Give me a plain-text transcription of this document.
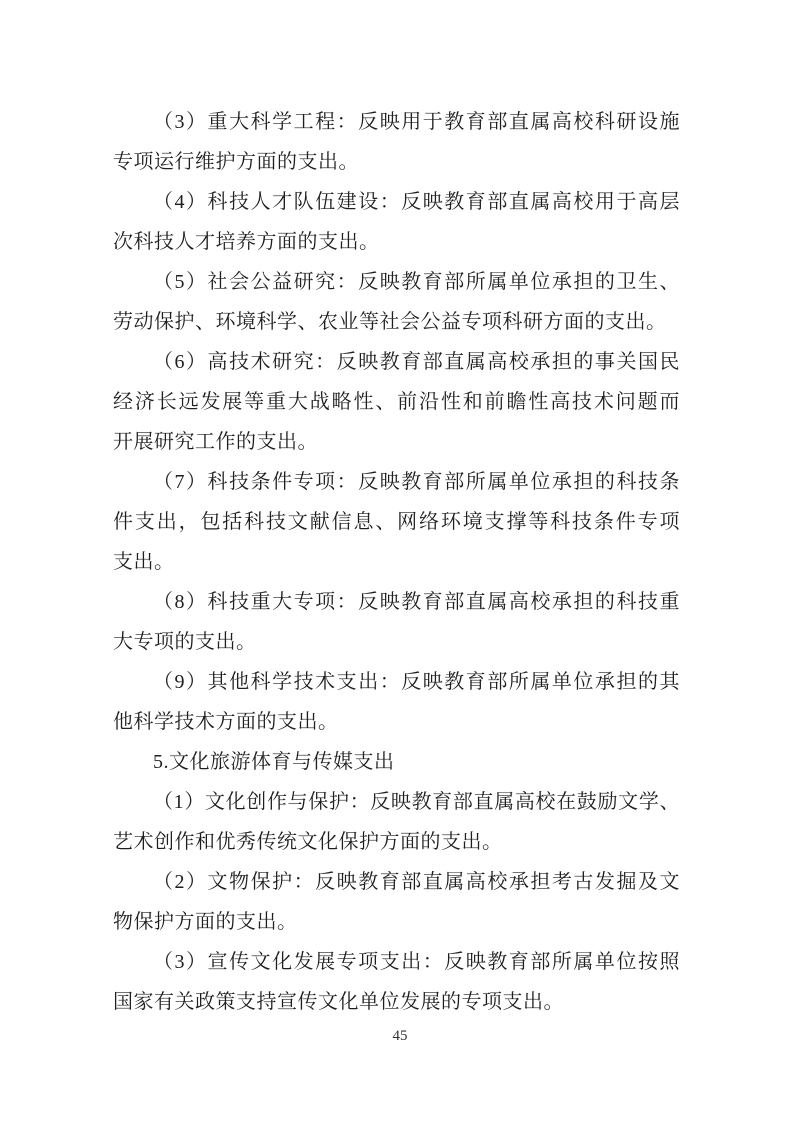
（3）重大科学工程：反映用于教育部直属高校科研设施
专项运行维护方面的支出。
（4）科技人才队伍建设：反映教育部直属高校用于高层
次科技人才培养方面的支出。
（5）社会公益研究：反映教育部所属单位承担的卫生、
劳动保护、环境科学、农业等社会公益专项科研方面的支出。
（6）高技术研究：反映教育部直属高校承担的事关国民
经济长远发展等重大战略性、前沿性和前瞻性高技术问题而
开展研究工作的支出。
（7）科技条件专项：反映教育部所属单位承担的科技条
件支出，包括科技文献信息、网络环境支撑等科技条件专项
支出。
（8）科技重大专项：反映教育部直属高校承担的科技重
大专项的支出。
（9）其他科学技术支出：反映教育部所属单位承担的其
他科学技术方面的支出。
5.文化旅游体育与传媒支出
（1）文化创作与保护：反映教育部直属高校在鼓励文学、
艺术创作和优秀传统文化保护方面的支出。
（2）文物保护：反映教育部直属高校承担考古发掘及文
物保护方面的支出。
（3）宣传文化发展专项支出：反映教育部所属单位按照
国家有关政策支持宣传文化单位发展的专项支出。
45
